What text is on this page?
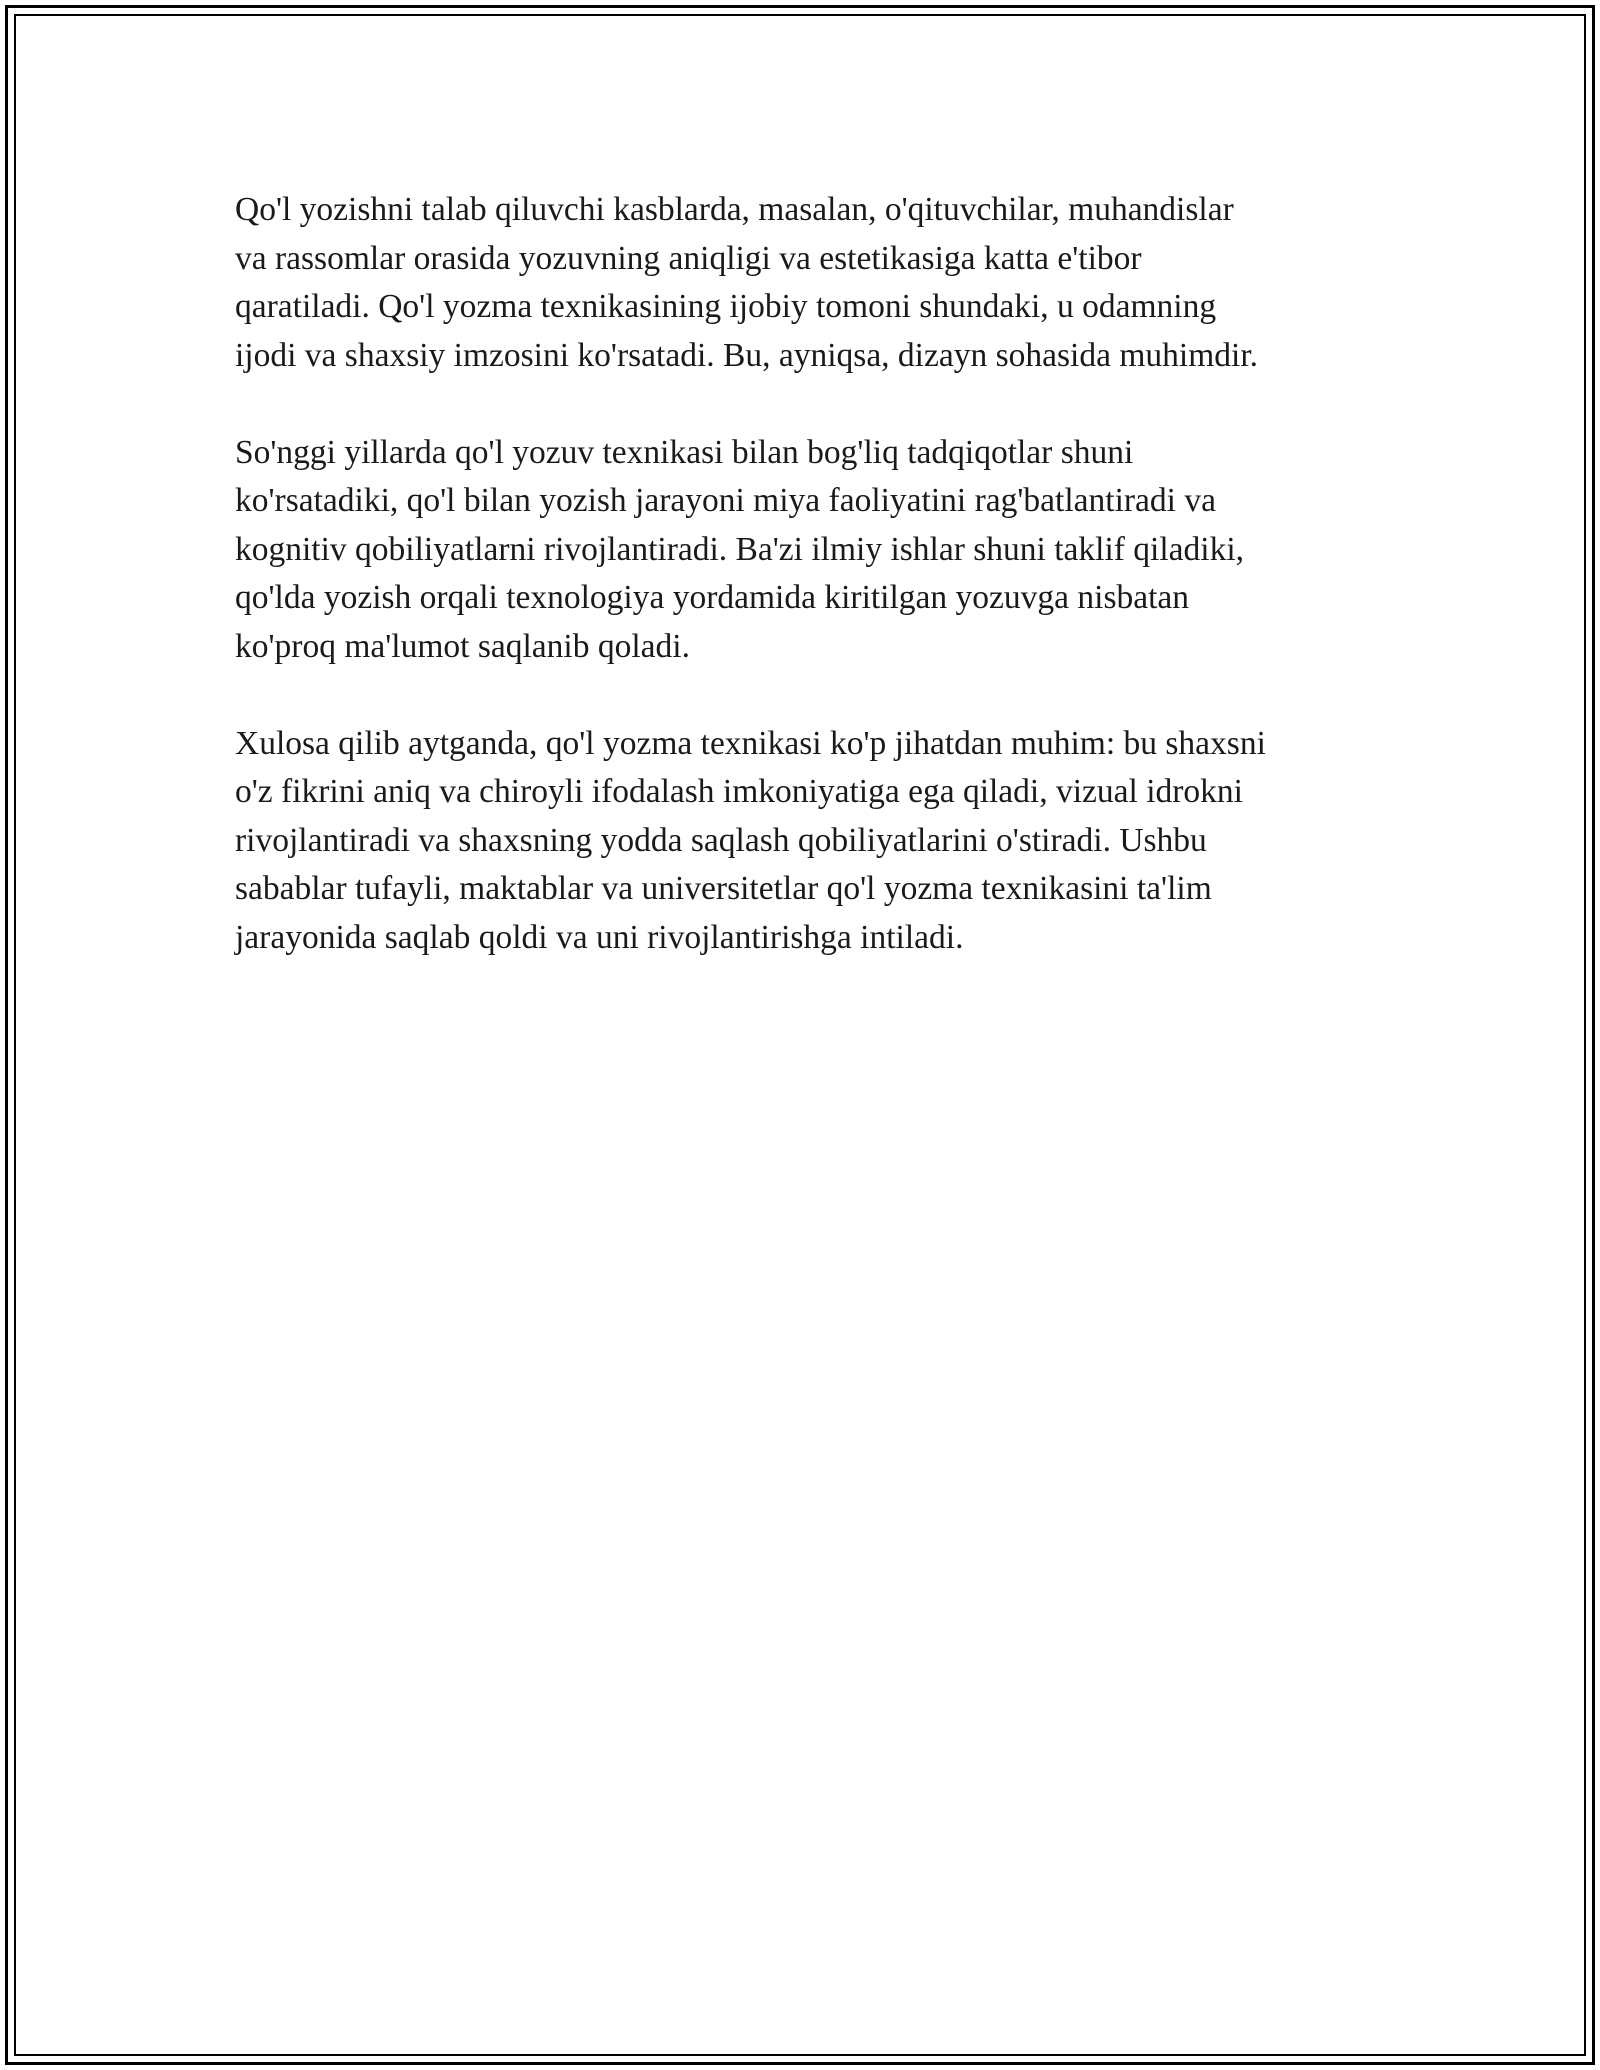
Qo'l yozishni talab qiluvchi kasblarda, masalan, o'qituvchilar, muhandislar
va rassomlar orasida yozuvning aniqligi va estetikasiga katta e'tibor
qaratiladi. Qo'l yozma texnikasining ijobiy tomoni shundaki, u odamning
ijodi va shaxsiy imzosini ko'rsatadi. Bu, ayniqsa, dizayn sohasida muhimdir.

So'nggi yillarda qo'l yozuv texnikasi bilan bog'liq tadqiqotlar shuni
ko'rsatadiki, qo'l bilan yozish jarayoni miya faoliyatini rag'batlantiradi va
kognitiv qobiliyatlarni rivojlantiradi. Ba'zi ilmiy ishlar shuni taklif qiladiki,
qo'lda yozish orqali texnologiya yordamida kiritilgan yozuvga nisbatan
ko'proq ma'lumot saqlanib qoladi.

Xulosa qilib aytganda, qo'l yozma texnikasi ko'p jihatdan muhim: bu shaxsni
o'z fikrini aniq va chiroyli ifodalash imkoniyatiga ega qiladi, vizual idrokni
rivojlantiradi va shaxsning yodda saqlash qobiliyatlarini o'stiradi. Ushbu
sabablar tufayli, maktablar va universitetlar qo'l yozma texnikasini ta'lim
jarayonida saqlab qoldi va uni rivojlantirishga intiladi.
